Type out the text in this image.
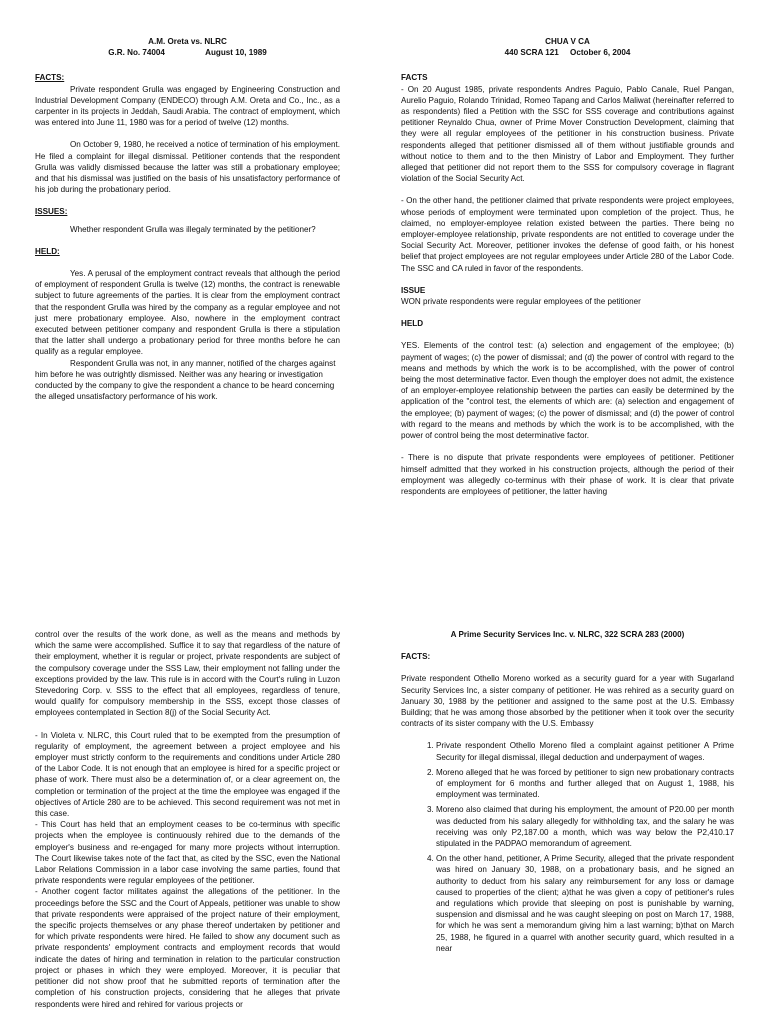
A.M. Oreta vs. NLRC

G.R. No. 74004                  August 10, 1989

FACTS:

Private respondent Grulla was engaged by Engineering Construction and Industrial Development Company (ENDECO) through A.M. Oreta and Co., Inc., as a carpenter in its projects in Jeddah, Saudi Arabia. The contract of employment, which was entered into June 11, 1980 was for a period of twelve (12) months.

On October 9, 1980, he received a notice of termination of his employment. He filed a complaint for illegal dismissal. Petitioner contends that the respondent Grulla was validly dismissed because the latter was still a probationary employee; and that his dismissal was justified on the basis of his unsatisfactory performance of his job during the probationary period.

ISSUES:

Whether respondent Grulla was illegaly terminated by the petitioner?

HELD:

Yes. A perusal of the employment contract reveals that although the period of employment of respondent Grulla is twelve (12) months, the contract is renewable subject to future agreements of the parties. It is clear from the employment contract that the respondent Grulla was hired by the company as a regular employee and not just mere probationary employee. Also, nowhere in the employment contract executed between petitioner company and respondent Grulla is there a stipulation that the latter shall undergo a probationary period for three months before he can qualify as a regular employee.

Respondent Grulla was not, in any manner, notified of the charges against him before he was outrightly dismissed. Neither was any hearing or investigation conducted by the company to give the respondent a chance to be heard concerning the alleged unsatisfactory performance of his work.

CHUA V CA

440 SCRA 121     October 6, 2004

FACTS

- On 20 August 1985, private respondents Andres Paguio, Pablo Canale, Ruel Pangan, Aurelio Paguio, Rolando Trinidad, Romeo Tapang and Carlos Maliwat (hereinafter referred to as respondents) filed a Petition with the SSC for SSS coverage and contributions against petitioner Reynaldo Chua, owner of Prime Mover Construction Development, claiming that they were all regular employees of the petitioner in his construction business. Private respondents alleged that petitioner dismissed all of them without justifiable grounds and without notice to them and to the then Ministry of Labor and Employment. They further alleged that petitioner did not report them to the SSS for compulsory coverage in flagrant violation of the Social Security Act.

- On the other hand, the petitioner claimed that private respondents were project employees, whose periods of employment were terminated upon completion of the project. Thus, he claimed, no employer-employee relation existed between the parties. There being no employer-employee relationship, private respondents are not entitled to coverage under the Social Security Act. Moreover, petitioner invokes the defense of good faith, or his honest belief that project employees are not regular employees under Article 280 of the Labor Code. The SSC and CA ruled in favor of the respondents.

ISSUE

WON private respondents were regular employees of the petitioner

HELD

YES. Elements of the control test: (a) selection and engagement of the employee; (b) payment of wages; (c) the power of dismissal; and (d) the power of control with regard to the means and methods by which the work is to be accomplished, with the power of control being the most determinative factor. Even though the employer does not admit, the existence of an employer-employee relationship between the parties can easily be determined by the application of the "control test, the elements of which are: (a) selection and engagement of the employee; (b) payment of wages; (c) the power of dismissal; and (d) the power of control with regard to the means and methods by which the work is to be accomplished, with the power of control being the most determinative factor.

- There is no dispute that private respondents were employees of petitioner. Petitioner himself admitted that they worked in his construction projects, although the period of their employment was allegedly co-terminus with their phase of work. It is clear that private respondents are employees of petitioner, the latter having

control over the results of the work done, as well as the means and methods by which the same were accomplished. Suffice it to say that regardless of the nature of their employment, whether it is regular or project, private respondents are subject of the compulsory coverage under the SSS Law, their employment not falling under the exceptions provided by the law. This rule is in accord with the Court's ruling in Luzon Stevedoring Corp. v. SSS to the effect that all employees, regardless of tenure, would qualify for compulsory membership in the SSS, except those classes of employees contemplated in Section 8(j) of the Social Security Act.

- In Violeta v. NLRC, this Court ruled that to be exempted from the presumption of regularity of employment, the agreement between a project employee and his employer must strictly conform to the requirements and conditions under Article 280 of the Labor Code. It is not enough that an employee is hired for a specific project or phase of work. There must also be a determination of, or a clear agreement on, the completion or termination of the project at the time the employee was engaged if the objectives of Article 280 are to be achieved. This second requirement was not met in this case.

- This Court has held that an employment ceases to be co-terminus with specific projects when the employee is continuously rehired due to the demands of the employer's business and re-engaged for many more projects without interruption. The Court likewise takes note of the fact that, as cited by the SSC, even the National Labor Relations Commission in a labor case involving the same parties, found that private respondents were regular employees of the petitioner.

- Another cogent factor militates against the allegations of the petitioner. In the proceedings before the SSC and the Court of Appeals, petitioner was unable to show that private respondents were appraised of the project nature of their employment, the specific projects themselves or any phase thereof undertaken by petitioner and for which private respondents were hired. He failed to show any document such as private respondents' employment contracts and employment records that would indicate the dates of hiring and termination in relation to the particular construction project or phases in which they were employed. Moreover, it is peculiar that petitioner did not show proof that he submitted reports of termination after the completion of his construction projects, considering that he alleges that private respondents were hired and rehired for various projects or

A Prime Security Services Inc. v. NLRC, 322 SCRA 283 (2000)

FACTS:

Private respondent Othello Moreno worked as a security guard for a year with Sugarland Security Services Inc, a sister company of petitioner. He was rehired as a security guard on January 30, 1988 by the petitioner and assigned to the same post at the U.S. Embassy Building; that he was among those absorbed by the petitioner when it took over the security contracts of its sister company with the U.S. Embassy

1. Private respondent Othello Moreno filed a complaint against petitioner A Prime Security for illegal dismissal, illegal deduction and underpayment of wages.
2. Moreno alleged that he was forced by petitioner to sign new probationary contracts of employment for 6 months and further alleged that on August 1, 1988, his employment was terminated.
3. Moreno also claimed that during his employment, the amount of P20.00 per month was deducted from his salary allegedly for withholding tax, and the salary he was receiving was only P2,187.00 a month, which was way below the P2,410.17 stipulated in the PADPAO memorandum of agreement.
4. On the other hand, petitioner, A Prime Security, alleged that the private respondent was hired on January 30, 1988, on a probationary basis, and he signed an authority to deduct from his salary any reimbursement for any loss or damage caused to properties of the client; a)that he was given a copy of petitioner's rules and regulations which provide that sleeping on post is punishable by warning, suspension and dismissal and he was caught sleeping on post on March 17, 1988, for which he was sent a memorandum giving him a last warning; b)that on March 25, 1988, he figured in a quarrel with another security guard, which resulted in a near
